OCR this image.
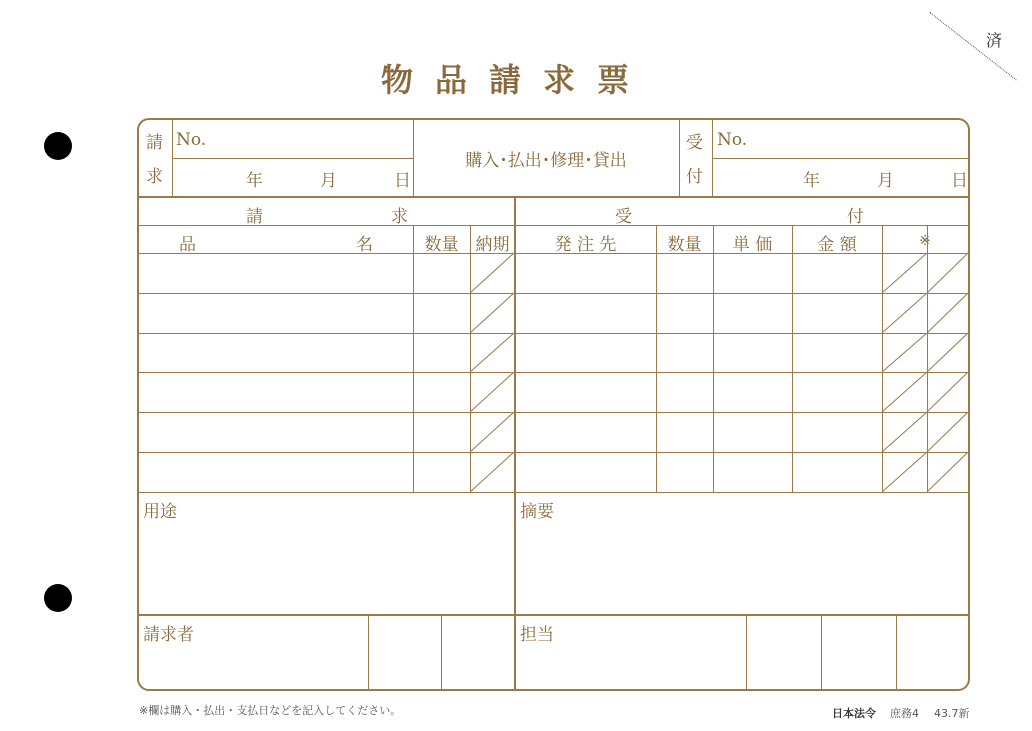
物品請求票
済
請
求
No.
年	月	日
購入･払出･修理･貸出
受
付
No.
年	月	日
請	求	受	付
品	名	数量	納期	発 注 先	数量	単 価	金 額	※
用途	摘要
請求者	担当
※欄は購入・払出・支払日などを記入してください。	日本法令 庶務4 43.7新
